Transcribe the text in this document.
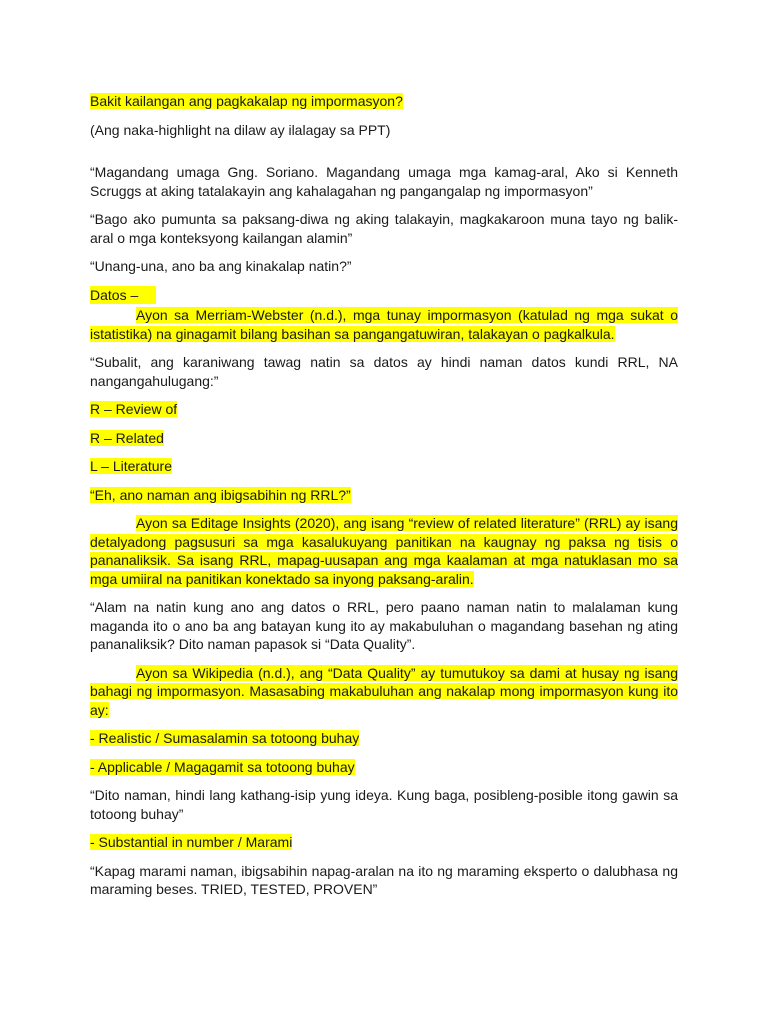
Bakit kailangan ang pagkakalap ng impormasyon?

(Ang naka-highlight na dilaw ay ilalagay sa PPT)

“Magandang umaga Gng. Soriano. Magandang umaga mga kamag-aral, Ako si Kenneth Scruggs at aking tatalakayin ang kahalagahan ng pangangalap ng impormasyon”

“Bago ako pumunta sa paksang-diwa ng aking talakayin, magkakaroon muna tayo ng balik-aral o mga konteksyong kailangan alamin”

“Unang-una, ano ba ang kinakalap natin?”

Datos –

Ayon sa Merriam-Webster (n.d.), mga tunay impormasyon (katulad ng mga sukat o istatistika) na ginagamit bilang basihan sa pangangatuwiran, talakayan o pagkalkula.

“Subalit, ang karaniwang tawag natin sa datos ay hindi naman datos kundi RRL, NA nangangahulugang:”

R – Review of

R – Related

L – Literature

“Eh, ano naman ang ibigsabihin ng RRL?”

Ayon sa Editage Insights (2020), ang isang “review of related literature” (RRL) ay isang detalyadong pagsusuri sa mga kasalukuyang panitikan na kaugnay ng paksa ng tisis o pananaliksik. Sa isang RRL, mapag-uusapan ang mga kaalaman at mga natuklasan mo sa mga umiiral na panitikan konektado sa inyong paksang-aralin.

“Alam na natin kung ano ang datos o RRL, pero paano naman natin to malalaman kung maganda ito o ano ba ang batayan kung ito ay makabuluhan o magandang basehan ng ating pananaliksik? Dito naman papasok si “Data Quality”.

Ayon sa Wikipedia (n.d.), ang “Data Quality” ay tumutukoy sa dami at husay ng isang bahagi ng impormasyon. Masasabing makabuluhan ang nakalap mong impormasyon kung ito ay:

- Realistic / Sumasalamin sa totoong buhay

- Applicable / Magagamit sa totoong buhay

“Dito naman, hindi lang kathang-isip yung ideya. Kung baga, posibleng-posible itong gawin sa totoong buhay”

- Substantial in number / Marami

“Kapag marami naman, ibigsabihin napag-aralan na ito ng maraming eksperto o dalubhasa ng maraming beses. TRIED, TESTED, PROVEN”
